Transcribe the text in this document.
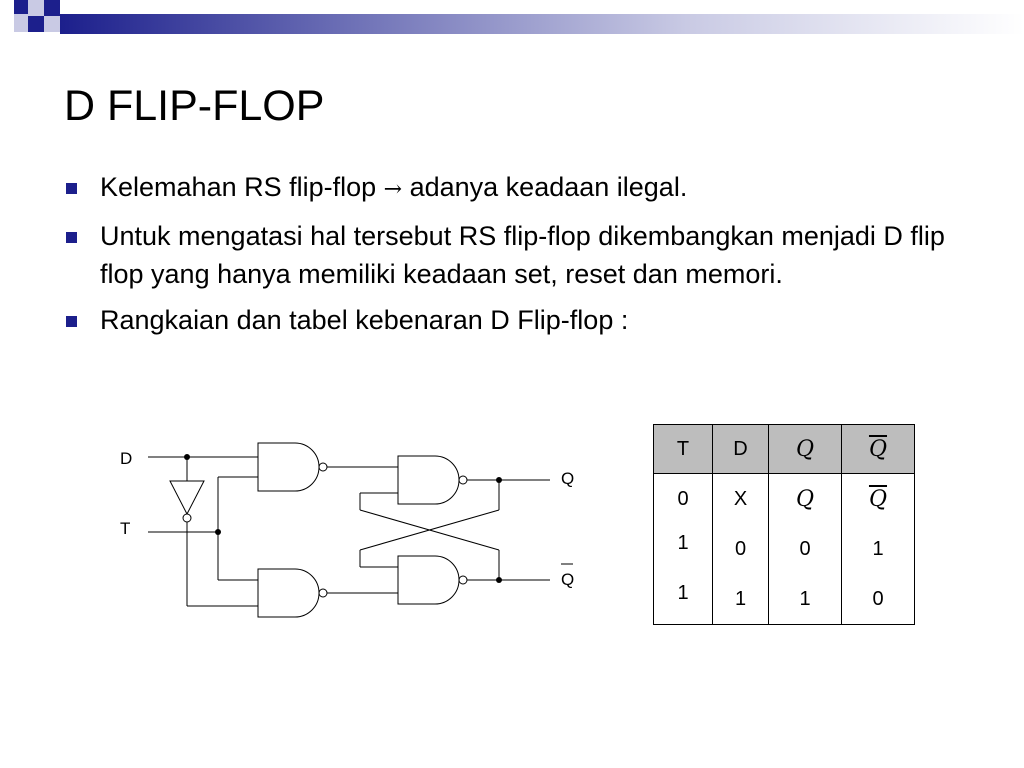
D FLIP-FLOP
Kelemahan RS flip-flop → adanya keadaan ilegal.
Untuk mengatasi hal tersebut RS flip-flop dikembangkan menjadi D flip flop yang hanya memiliki keadaan set, reset dan memori.
Rangkaian dan tabel kebenaran D Flip-flop :
D
T
Q
Q
T	D	Q	$\overline{Q}$
0	X	Q	$\overline{Q}$
1	0	0	1
1	1	1	0
